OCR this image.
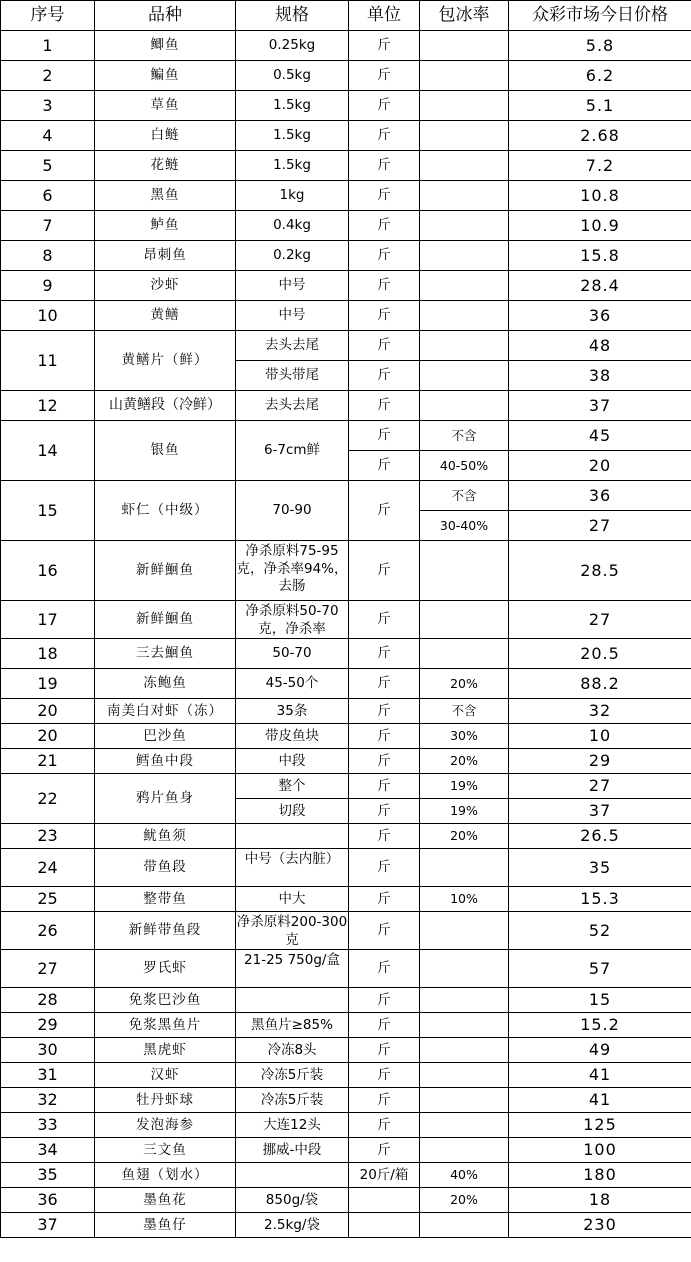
序号	品种	规格	单位	包冰率	众彩市场今日价格
1	鲫鱼	0.25kg	斤		5.8
2	鳊鱼	0.5kg	斤		6.2
3	草鱼	1.5kg	斤		5.1
4	白鲢	1.5kg	斤		2.68
5	花鲢	1.5kg	斤		7.2
6	黑鱼	1kg	斤		10.8
7	鲈鱼	0.4kg	斤		10.9
8	昂刺鱼	0.2kg	斤		15.8
9	沙虾	中号	斤		28.4
10	黄鳝	中号	斤		36
11	黄鳝片（鲜）	去头去尾	斤		48
		带头带尾	斤		38
12	山黄鳝段（冷鲜）	去头去尾	斤		37
14	银鱼	6-7cm鲜	斤	不含	45
			斤	40-50%	20
15	虾仁（中级）	70-90	斤	不含	36
				30-40%	27
16	新鲜鮰鱼	净杀原料75-95克，净杀率94%，去肠	斤		28.5
17	新鲜鮰鱼	净杀原料50-70克，净杀率	斤		27
18	三去鮰鱼	50-70	斤		20.5
19	冻鲍鱼	45-50个	斤	20%	88.2
20	南美白对虾（冻）	35条	斤	不含	32
20	巴沙鱼	带皮鱼块	斤	30%	10
21	鳕鱼中段	中段	斤	20%	29
22	鸦片鱼身	整个	斤	19%	27
		切段	斤	19%	37
23	鱿鱼须		斤	20%	26.5
24	带鱼段	中号（去内脏）	斤		35
25	整带鱼	中大	斤	10%	15.3
26	新鲜带鱼段	净杀原料200-300克	斤		52
27	罗氏虾	21-25 750g/盒	斤		57
28	免浆巴沙鱼		斤		15
29	免浆黑鱼片	黑鱼片≥85%	斤		15.2
30	黑虎虾	冷冻8头	斤		49
31	汉虾	冷冻5斤装	斤		41
32	牡丹虾球	冷冻5斤装	斤		41
33	发泡海参	大连12头	斤		125
34	三文鱼	挪威-中段	斤		100
35	鱼翅（划水）		20斤/箱	40%	180
36	墨鱼花	850g/袋		20%	18
37	墨鱼仔	2.5kg/袋			230
